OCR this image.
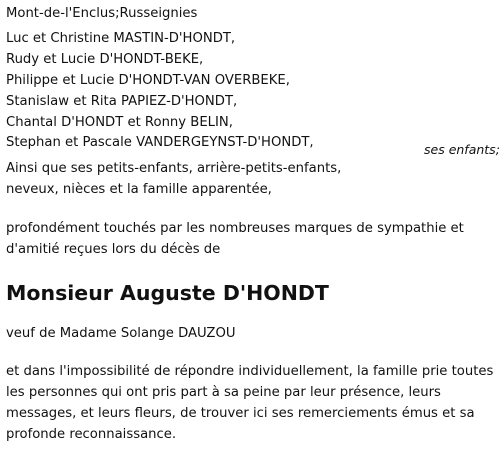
Mont-de-l'Enclus;Russeignies
Luc et Christine MASTIN-D'HONDT,
Rudy et Lucie D'HONDT-BEKE,
Philippe et Lucie D'HONDT-VAN OVERBEKE,
Stanislaw et Rita PAPIEZ-D'HONDT,
Chantal D'HONDT et Ronny BELIN,
Stephan et Pascale VANDERGEYNST-D'HONDT,	ses enfants;
Ainsi que ses petits-enfants, arrière-petits-enfants,
neveux, nièces et la famille apparentée,
profondément touchés par les nombreuses marques de sympathie et d'amitié reçues lors du décès de
Monsieur Auguste D'HONDT
veuf de Madame Solange DAUZOU
et dans l'impossibilité de répondre individuellement, la famille prie toutes les personnes qui ont pris part à sa peine par leur présence, leurs messages, et leurs fleurs, de trouver ici ses remerciements émus et sa profonde reconnaissance.
